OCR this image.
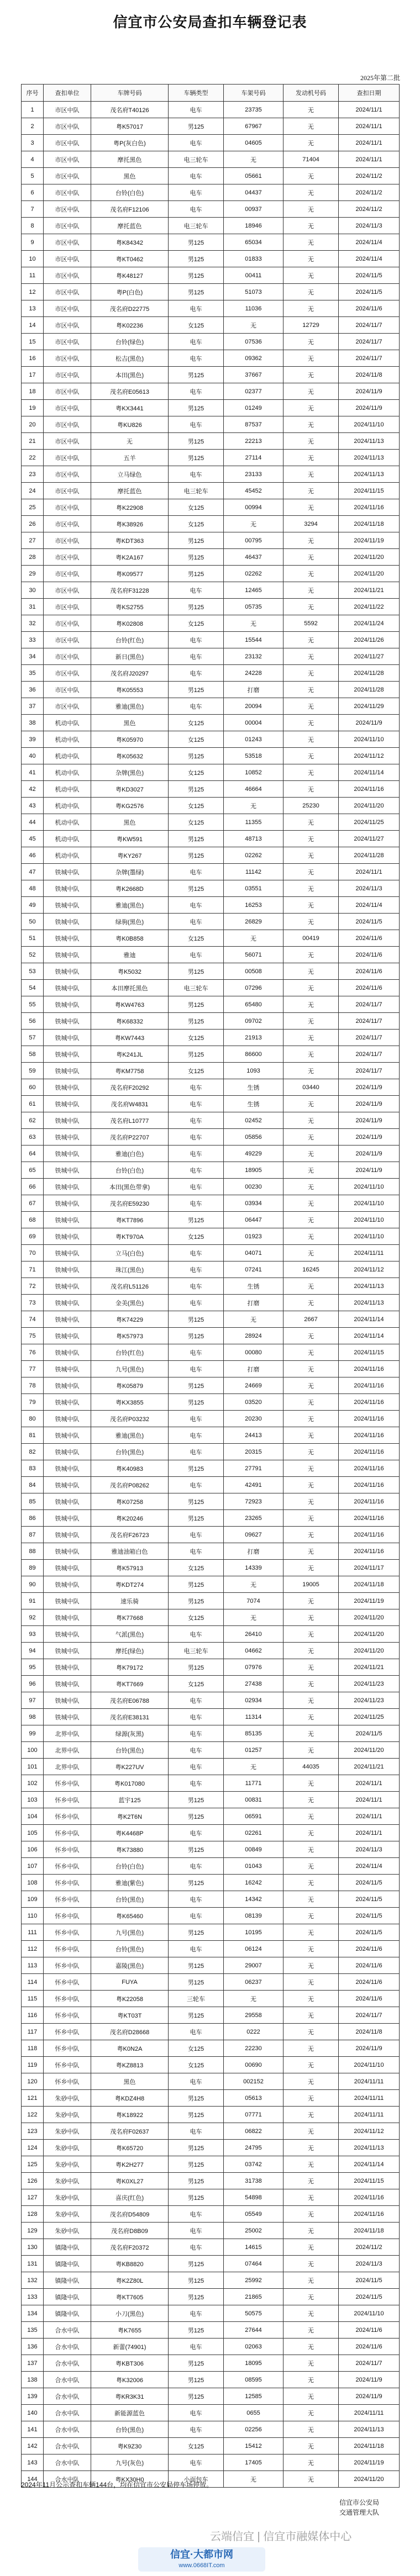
信宜市公安局查扣车辆登记表
2025年第二批
序号	查扣单位	车牌号码	车辆类型	车架号码	发动机号码	查扣日期
1	市区中队	茂名府T40126	电车	23735	无	2024/11/1
2	市区中队	粤K57017	男125	67967	无	2024/11/1
3	市区中队	粤P(灰白色)	电车	04605	无	2024/11/1
4	市区中队	摩托黑色	电三轮车	无	71404	2024/11/1
5	市区中队	黑色	电车	05661	无	2024/11/2
6	市区中队	台铃(白色)	电车	04437	无	2024/11/2
7	市区中队	茂名府F12106	电车	00937	无	2024/11/2
8	市区中队	摩托蓝色	电三轮车	18946	无	2024/11/3
9	市区中队	粤K84342	男125	65034	无	2024/11/4
10	市区中队	粤KT0462	男125	01833	无	2024/11/4
11	市区中队	粤K48127	男125	00411	无	2024/11/5
12	市区中队	粤P(白色)	男125	51073	无	2024/11/5
13	市区中队	茂名府D22775	电车	11036	无	2024/11/6
14	市区中队	粤K02236	女125	无	12729	2024/11/7
15	市区中队	台铃(绿色)	电车	07536	无	2024/11/7
16	市区中队	松吉(黑色)	电车	09362	无	2024/11/7
17	市区中队	本田(黑色)	男125	37667	无	2024/11/8
18	市区中队	茂名府E05613	电车	02377	无	2024/11/9
19	市区中队	粤KX3441	男125	01249	无	2024/11/9
20	市区中队	粤KU826	电车	87537	无	2024/11/10
21	市区中队	无	男125	22213	无	2024/11/13
22	市区中队	五羊	男125	27114	无	2024/11/13
23	市区中队	立马绿色	电车	23133	无	2024/11/13
24	市区中队	摩托蓝色	电三轮车	45452	无	2024/11/15
25	市区中队	粤K22908	女125	00994	无	2024/11/16
26	市区中队	粤K38926	女125	无	3294	2024/11/18
27	市区中队	粤KDT363	男125	00795	无	2024/11/19
28	市区中队	粤K2A167	男125	46437	无	2024/11/20
29	市区中队	粤K09577	男125	02262	无	2024/11/20
30	市区中队	茂名府F31228	电车	12465	无	2024/11/21
31	市区中队	粤KS2755	男125	05735	无	2024/11/22
32	市区中队	粤K02808	女125	无	5592	2024/11/24
33	市区中队	台铃(红色)	电车	15544	无	2024/11/26
34	市区中队	新日(黑色)	电车	23132	无	2024/11/27
35	市区中队	茂名府J20297	电车	24228	无	2024/11/28
36	市区中队	粤K05553	男125	打磨	无	2024/11/28
37	市区中队	雅迪(黑色)	电车	20094	无	2024/11/29
38	机动中队	黑色	女125	00004	无	2024/11/9
39	机动中队	粤K05970	女125	01243	无	2024/11/10
40	机动中队	粤K05632	男125	53518	无	2024/11/12
41	机动中队	杂牌(黑色)	女125	10852	无	2024/11/14
42	机动中队	粤KD3027	男125	46664	无	2024/11/16
43	机动中队	粤KG2576	女125	无	25230	2024/11/20
44	机动中队	黑色	女125	11355	无	2024/11/25
45	机动中队	粤KW591	男125	48713	无	2024/11/27
46	机动中队	粤KY267	男125	02262	无	2024/11/28
47	铁城中队	杂牌(墨绿)	电车	11142	无	2024/11/1
48	铁城中队	粤K2668D	男125	03551	无	2024/11/3
49	铁城中队	雅迪(黑色)	电车	16253	无	2024/11/4
50	铁城中队	绿驹(黑色)	电车	26829	无	2024/11/5
51	铁城中队	粤K0B858	女125	无	00419	2024/11/6
52	铁城中队	雅迪	电车	56071	无	2024/11/6
53	铁城中队	粤K5032	男125	00508	无	2024/11/6
54	铁城中队	本田摩托黑色	电三轮车	07296	无	2024/11/6
55	铁城中队	粤KW4763	男125	65480	无	2024/11/7
56	铁城中队	粤K68332	男125	09702	无	2024/11/7
57	铁城中队	粤KW7443	女125	21913	无	2024/11/7
58	铁城中队	粤K241JL	男125	86600	无	2024/11/7
59	铁城中队	粤KM7758	女125	1093	无	2024/11/7
60	铁城中队	茂名府F20292	电车	生锈	03440	2024/11/9
61	铁城中队	茂名府W4831	电车	生锈	无	2024/11/9
62	铁城中队	茂名府L10777	电车	02452	无	2024/11/9
63	铁城中队	茂名府P22707	电车	05856	无	2024/11/9
64	铁城中队	雅迪(白色)	电车	49229	无	2024/11/9
65	铁城中队	台铃(白色)	电车	18905	无	2024/11/9
66	铁城中队	本田(黑色带拿)	电车	00230	无	2024/11/10
67	铁城中队	茂名府E59230	电车	03934	无	2024/11/10
68	铁城中队	粤KT7896	男125	06447	无	2024/11/10
69	铁城中队	粤KT970A	女125	01923	无	2024/11/10
70	铁城中队	立马(白色)	电车	04071	无	2024/11/11
71	铁城中队	珠江(黑色)	电车	07241	16245	2024/11/12
72	铁城中队	茂名府L51126	电车	生锈	无	2024/11/13
73	铁城中队	金美(黑色)	电车	打磨	无	2024/11/13
74	铁城中队	粤K74229	男125	无	2667	2024/11/14
75	铁城中队	粤K57973	男125	28924	无	2024/11/14
76	铁城中队	台铃(红色)	电车	00080	无	2024/11/15
77	铁城中队	九号(黑色)	电车	打磨	无	2024/11/16
78	铁城中队	粤K05879	男125	24669	无	2024/11/16
79	铁城中队	粤KX3855	男125	03520	无	2024/11/16
80	铁城中队	茂名府P03232	电车	20230	无	2024/11/16
81	铁城中队	雅迪(黑色)	电车	24413	无	2024/11/16
82	铁城中队	台铃(黑色)	电车	20315	无	2024/11/16
83	铁城中队	粤K40983	男125	27791	无	2024/11/16
84	铁城中队	茂名府P08262	电车	42491	无	2024/11/16
85	铁城中队	粤K07258	男125	72923	无	2024/11/16
86	铁城中队	粤K20246	男125	23265	无	2024/11/16
87	铁城中队	茂名府F26723	电车	09627	无	2024/11/16
88	铁城中队	雅迪油箱白色	电车	打磨	无	2024/11/16
89	铁城中队	粤K57913	女125	14339	无	2024/11/17
90	铁城中队	粤KDT274	男125	无	19005	2024/11/18
91	铁城中队	速乐骑	男125	7074	无	2024/11/19
92	铁城中队	粤K77668	女125	无	无	2024/11/20
93	铁城中队	气派(黑色)	电车	26410	无	2024/11/20
94	铁城中队	摩托(绿色)	电三轮车	04662	无	2024/11/20
95	铁城中队	粤K79172	男125	07976	无	2024/11/21
96	铁城中队	粤KT7669	女125	27438	无	2024/11/23
97	铁城中队	茂名府E06788	电车	02934	无	2024/11/23
98	铁城中队	茂名府E38131	电车	11314	无	2024/11/25
99	北界中队	绿源(灰黑)	电车	85135	无	2024/11/5
100	北界中队	台铃(黑色)	电车	01257	无	2024/11/20
101	北界中队	粤K227UV	电车	无	44035	2024/11/21
102	怀乡中队	粤K017080	电车	11771	无	2024/11/1
103	怀乡中队	蓝宇125	男125	00831	无	2024/11/1
104	怀乡中队	粤K2T6N	男125	06591	无	2024/11/1
105	怀乡中队	粤K4468P	电车	02261	无	2024/11/1
106	怀乡中队	粤K73880	男125	00849	无	2024/11/3
107	怀乡中队	台铃(白色)	电车	01043	无	2024/11/4
108	怀乡中队	雅迪(紫色)	男125	16242	无	2024/11/5
109	怀乡中队	台铃(黑色)	电车	14342	无	2024/11/5
110	怀乡中队	粤K65460	电车	08139	无	2024/11/5
111	怀乡中队	九号(黑色)	男125	10195	无	2024/11/5
112	怀乡中队	台铃(黑色)	电车	06124	无	2024/11/6
113	怀乡中队	嘉陵(黑色)	男125	29007	无	2024/11/6
114	怀乡中队	FUYA	男125	06237	无	2024/11/6
115	怀乡中队	粤K22058	三轮车	无	无	2024/11/6
116	怀乡中队	粤KT03T	男125	29558	无	2024/11/7
117	怀乡中队	茂名府D28668	电车	0222	无	2024/11/8
118	怀乡中队	粤K0N2A	女125	22230	无	2024/11/9
119	怀乡中队	粤KZ8813	女125	00690	无	2024/11/10
120	怀乡中队	黑色	电车	002152	无	2024/11/11
121	朱砂中队	粤KDZ4H8	男125	05613	无	2024/11/11
122	朱砂中队	粤K18922	男125	07771	无	2024/11/11
123	朱砂中队	茂名府F02637	电车	06822	无	2024/11/12
124	朱砂中队	粤K65720	男125	24795	无	2024/11/13
125	朱砂中队	粤K2H277	男125	03742	无	2024/11/14
126	朱砂中队	粤K0XL27	男125	31738	无	2024/11/15
127	朱砂中队	喜庆(红色)	男125	54898	无	2024/11/16
128	朱砂中队	茂名府D54809	电车	05549	无	2024/11/16
129	朱砂中队	茂名府D8B09	电车	25002	无	2024/11/18
130	镇隆中队	茂名府F20372	电车	14615	无	2024/11/2
131	镇隆中队	粤KB8820	男125	07464	无	2024/11/3
132	镇隆中队	粤K2Z80L	男125	25992	无	2024/11/5
133	镇隆中队	粤KT7605	男125	21865	无	2024/11/5
134	镇隆中队	小刀(黑色)	电车	50575	无	2024/11/10
135	合水中队	粤K7655	男125	27644	无	2024/11/6
136	合水中队	新蕾(74901)	电车	02063	无	2024/11/6
137	合水中队	粤KBT306	男125	18095	无	2024/11/7
138	合水中队	粤K32006	男125	08595	无	2024/11/9
139	合水中队	粤KR3K31	男125	12585	无	2024/11/9
140	合水中队	新能源蓝色	电车	0655	无	2024/11/11
141	合水中队	台铃(黑色)	电车	02256	无	2024/11/13
142	合水中队	粤K9Z30	女125	15412	无	2024/11/18
143	合水中队	九号(灰色)	电车	17405	无	2024/11/19
144	合水中队	粤KX30H0	小面包车	无	无	2024/11/20
2024年11月公示查扣车辆144台，均在信宜市公安局停车场停放。
信宜市公安局
交通管理大队
云端信宜 | 信宜市融媒体中心
信宜·大都市网
www.0668IT.com
